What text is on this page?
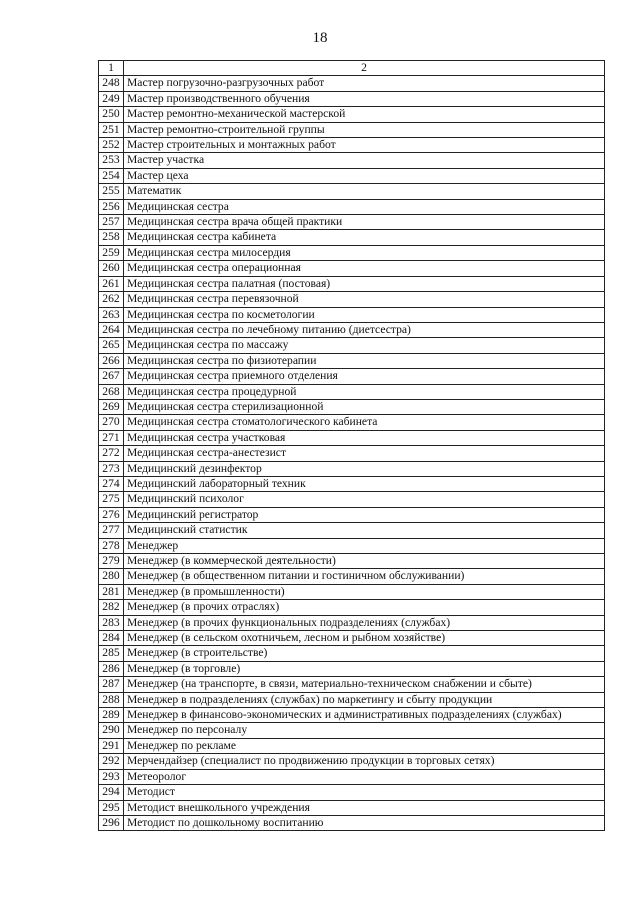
18
1	2
248	Мастер погрузочно-разгрузочных работ
249	Мастер производственного обучения
250	Мастер ремонтно-механической мастерской
251	Мастер ремонтно-строительной группы
252	Мастер строительных и монтажных работ
253	Мастер участка
254	Мастер цеха
255	Математик
256	Медицинская сестра
257	Медицинская сестра врача общей практики
258	Медицинская сестра кабинета
259	Медицинская сестра милосердия
260	Медицинская сестра операционная
261	Медицинская сестра палатная (постовая)
262	Медицинская сестра перевязочной
263	Медицинская сестра по косметологии
264	Медицинская сестра по лечебному питанию (диетсестра)
265	Медицинская сестра по массажу
266	Медицинская сестра по физиотерапии
267	Медицинская сестра приемного отделения
268	Медицинская сестра процедурной
269	Медицинская сестра стерилизационной
270	Медицинская сестра стоматологического кабинета
271	Медицинская сестра участковая
272	Медицинская сестра-анестезист
273	Медицинский дезинфектор
274	Медицинский лабораторный техник
275	Медицинский психолог
276	Медицинский регистратор
277	Медицинский статистик
278	Менеджер
279	Менеджер (в коммерческой деятельности)
280	Менеджер (в общественном питании и гостиничном обслуживании)
281	Менеджер (в промышленности)
282	Менеджер (в прочих отраслях)
283	Менеджер (в прочих функциональных подразделениях (службах)
284	Менеджер (в сельском охотничьем, лесном и рыбном хозяйстве)
285	Менеджер (в строительстве)
286	Менеджер (в торговле)
287	Менеджер (на транспорте, в связи, материально-техническом снабжении и сбыте)
288	Менеджер в подразделениях (службах) по маркетингу и сбыту продукции
289	Менеджер в финансово-экономических и административных подразделениях (службах)
290	Менеджер по персоналу
291	Менеджер по рекламе
292	Мерчендайзер (специалист по продвижению продукции в торговых сетях)
293	Метеоролог
294	Методист
295	Методист внешкольного учреждения
296	Методист по дошкольному воспитанию
